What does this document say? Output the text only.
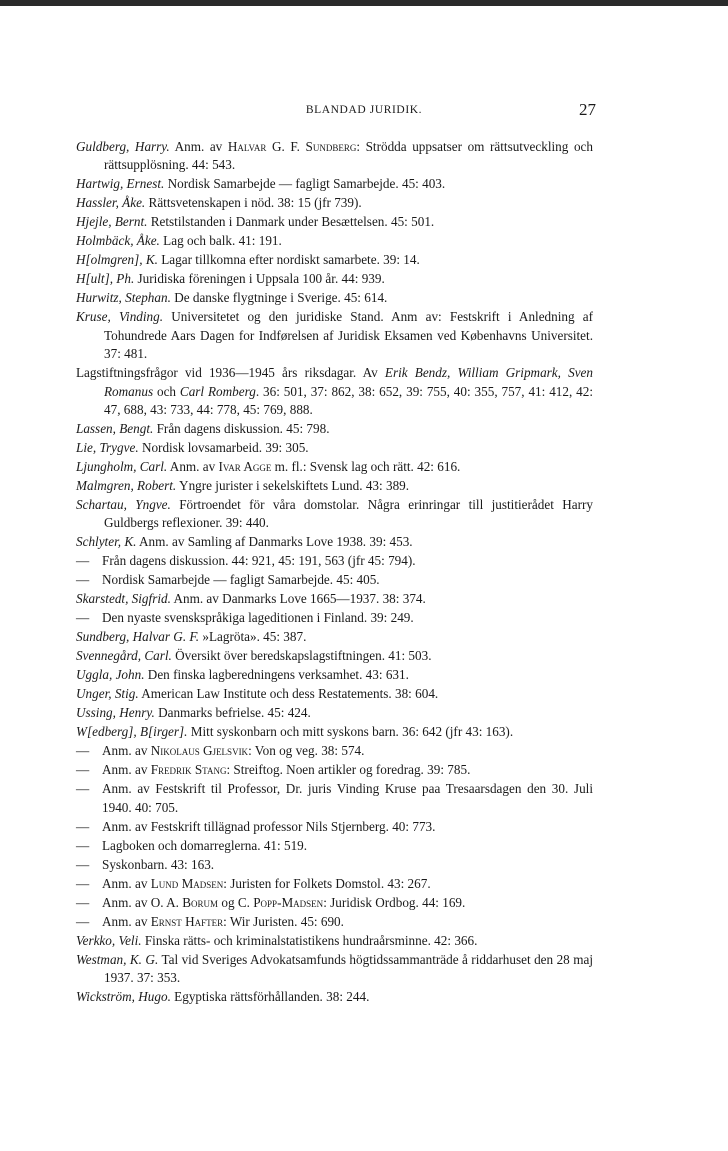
BLANDAD JURIDIK.	27
Guldberg, Harry. Anm. av Halvar G. F. Sundberg: Strödda uppsatser om rättsutveckling och rättsupplösning. 44: 543.
Hartwig, Ernest. Nordisk Samarbejde — fagligt Samarbejde. 45: 403.
Hassler, Åke. Rättsvetenskapen i nöd. 38: 15 (jfr 739).
Hjejle, Bernt. Retstilstanden i Danmark under Besættelsen. 45: 501.
Holmbäck, Åke. Lag och balk. 41: 191.
H[olmgren], K. Lagar tillkomna efter nordiskt samarbete. 39: 14.
H[ult], Ph. Juridiska föreningen i Uppsala 100 år. 44: 939.
Hurwitz, Stephan. De danske flygtninge i Sverige. 45: 614.
Kruse, Vinding. Universitetet og den juridiske Stand. Anm av: Festskrift i Anledning af Tohundrede Aars Dagen for Indførelsen af Juridisk Eksamen ved Københavns Universitet. 37: 481.
Lagstiftningsfrågor vid 1936—1945 års riksdagar. Av Erik Bendz, William Gripmark, Sven Romanus och Carl Romberg. 36: 501, 37: 862, 38: 652, 39: 755, 40: 355, 757, 41: 412, 42: 47, 688, 43: 733, 44: 778, 45: 769, 888.
Lassen, Bengt. Från dagens diskussion. 45: 798.
Lie, Trygve. Nordisk lovsamarbeid. 39: 305.
Ljungholm, Carl. Anm. av Ivar Agge m. fl.: Svensk lag och rätt. 42: 616.
Malmgren, Robert. Yngre jurister i sekelskiftets Lund. 43: 389.
Schartau, Yngve. Förtroendet för våra domstolar. Några erinringar till justitierådet Harry Guldbergs reflexioner. 39: 440.
Schlyter, K. Anm. av Samling af Danmarks Love 1938. 39: 453.
— Från dagens diskussion. 44: 921, 45: 191, 563 (jfr 45: 794).
— Nordisk Samarbejde — fagligt Samarbejde. 45: 405.
Skarstedt, Sigfrid. Anm. av Danmarks Love 1665—1937. 38: 374.
— Den nyaste svenskspråkiga lageditionen i Finland. 39: 249.
Sundberg, Halvar G. F. »Lagröta». 45: 387.
Svennegård, Carl. Översikt över beredskapslagstiftningen. 41: 503.
Uggla, John. Den finska lagberedningens verksamhet. 43: 631.
Unger, Stig. American Law Institute och dess Restatements. 38: 604.
Ussing, Henry. Danmarks befrielse. 45: 424.
W[edberg], B[irger]. Mitt syskonbarn och mitt syskons barn. 36: 642 (jfr 43: 163).
— Anm. av Nikolaus Gjelsvik: Von og veg. 38: 574.
— Anm. av Fredrik Stang: Streiftog. Noen artikler og foredrag. 39: 785.
— Anm. av Festskrift til Professor, Dr. juris Vinding Kruse paa Tresaarsdagen den 30. Juli 1940. 40: 705.
— Anm. av Festskrift tillägnad professor Nils Stjernberg. 40: 773.
— Lagboken och domarreglerna. 41: 519.
— Syskonbarn. 43: 163.
— Anm. av Lund Madsen: Juristen for Folkets Domstol. 43: 267.
— Anm. av O. A. Borum og C. Popp-Madsen: Juridisk Ordbog. 44: 169.
— Anm. av Ernst Hafter: Wir Juristen. 45: 690.
Verkko, Veli. Finska rätts- och kriminalstatistikens hundraårsminne. 42: 366.
Westman, K. G. Tal vid Sveriges Advokatsamfunds högtidssammanträde å riddarhuset den 28 maj 1937. 37: 353.
Wickström, Hugo. Egyptiska rättsförhållanden. 38: 244.
